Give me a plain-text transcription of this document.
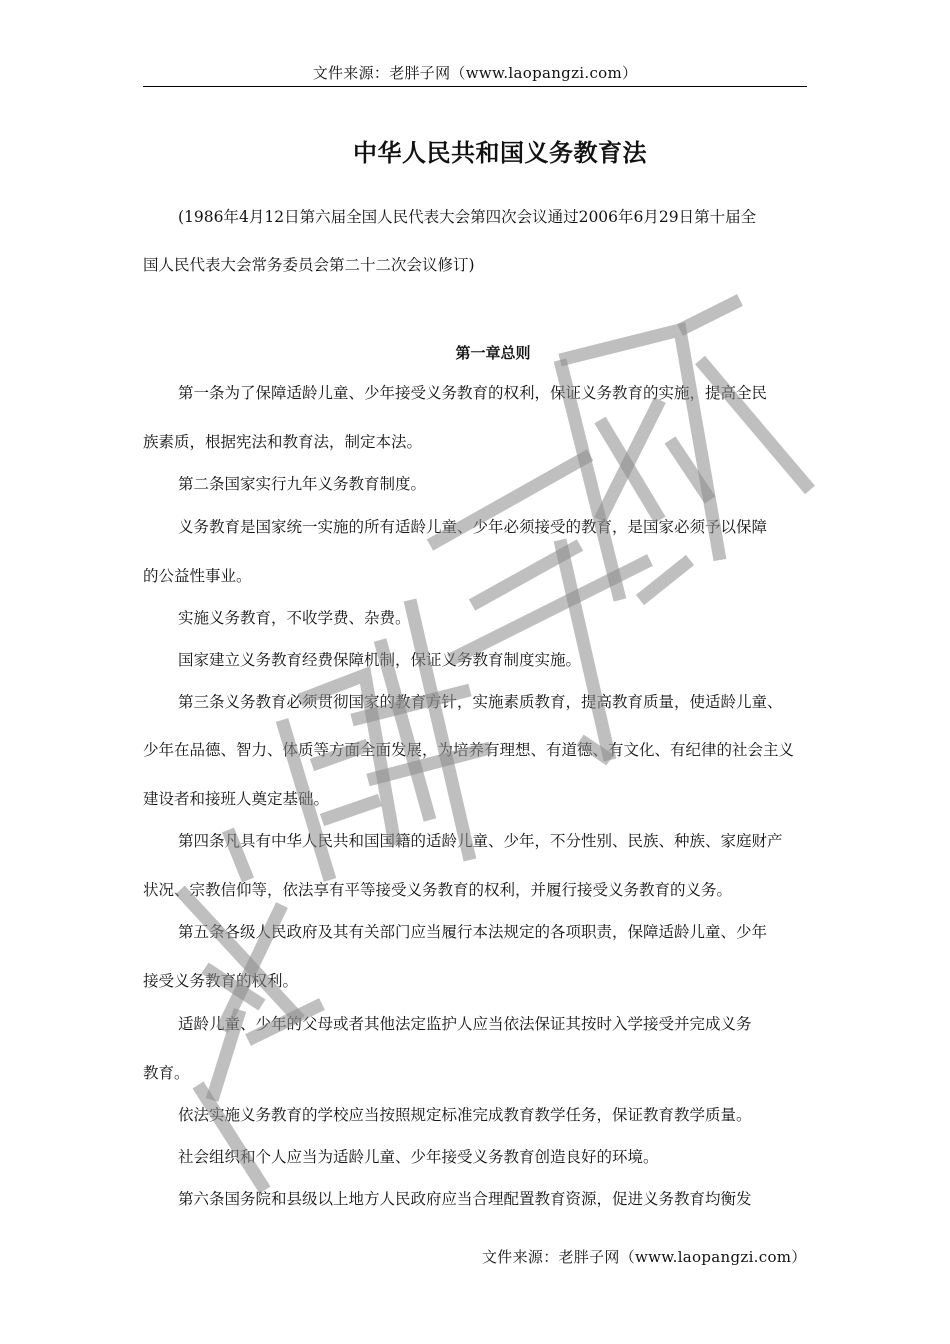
文件来源：老胖子网（www.laopangzi.com）
中华人民共和国义务教育法
(1986年4月12日第六届全国人民代表大会第四次会议通过2006年6月29日第十届全
国人民代表大会常务委员会第二十二次会议修订)
第一章总则
第一条为了保障适龄儿童、少年接受义务教育的权利，保证义务教育的实施，提高全民
族素质，根据宪法和教育法，制定本法。
第二条国家实行九年义务教育制度。
义务教育是国家统一实施的所有适龄儿童、少年必须接受的教育，是国家必须予以保障
的公益性事业。
实施义务教育，不收学费、杂费。
国家建立义务教育经费保障机制，保证义务教育制度实施。
第三条义务教育必须贯彻国家的教育方针，实施素质教育，提高教育质量，使适龄儿童、
少年在品德、智力、体质等方面全面发展，为培养有理想、有道德、有文化、有纪律的社会主义
建设者和接班人奠定基础。
第四条凡具有中华人民共和国国籍的适龄儿童、少年，不分性别、民族、种族、家庭财产
状况、宗教信仰等，依法享有平等接受义务教育的权利，并履行接受义务教育的义务。
第五条各级人民政府及其有关部门应当履行本法规定的各项职责，保障适龄儿童、少年
接受义务教育的权利。
适龄儿童、少年的父母或者其他法定监护人应当依法保证其按时入学接受并完成义务
教育。
依法实施义务教育的学校应当按照规定标准完成教育教学任务，保证教育教学质量。
社会组织和个人应当为适龄儿童、少年接受义务教育创造良好的环境。
第六条国务院和县级以上地方人民政府应当合理配置教育资源，促进义务教育均衡发
文件来源：老胖子网（www.laopangzi.com）
